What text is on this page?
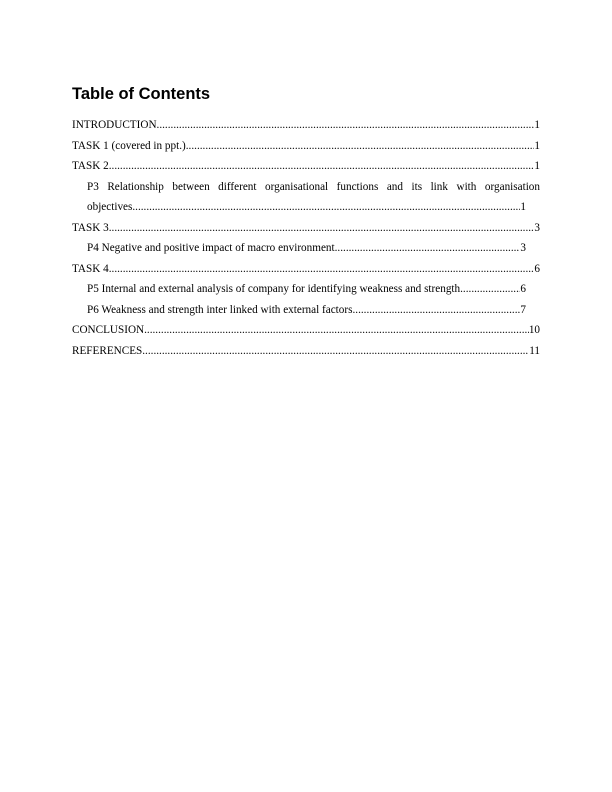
Table of Contents
INTRODUCTION .....	1
TASK 1 (covered in ppt.) .....	1
TASK 2 .....	1
P3 Relationship between different organisational functions and its link with organisation
objectives .....	1
TASK 3 .....	3
P4 Negative and positive impact of macro environment .....	3
TASK 4 .....	6
P5 Internal and external analysis of company for identifying weakness and strength .....	6
P6 Weakness and strength inter linked with external factors .....	7
CONCLUSION .....	10
REFERENCES .....	11
